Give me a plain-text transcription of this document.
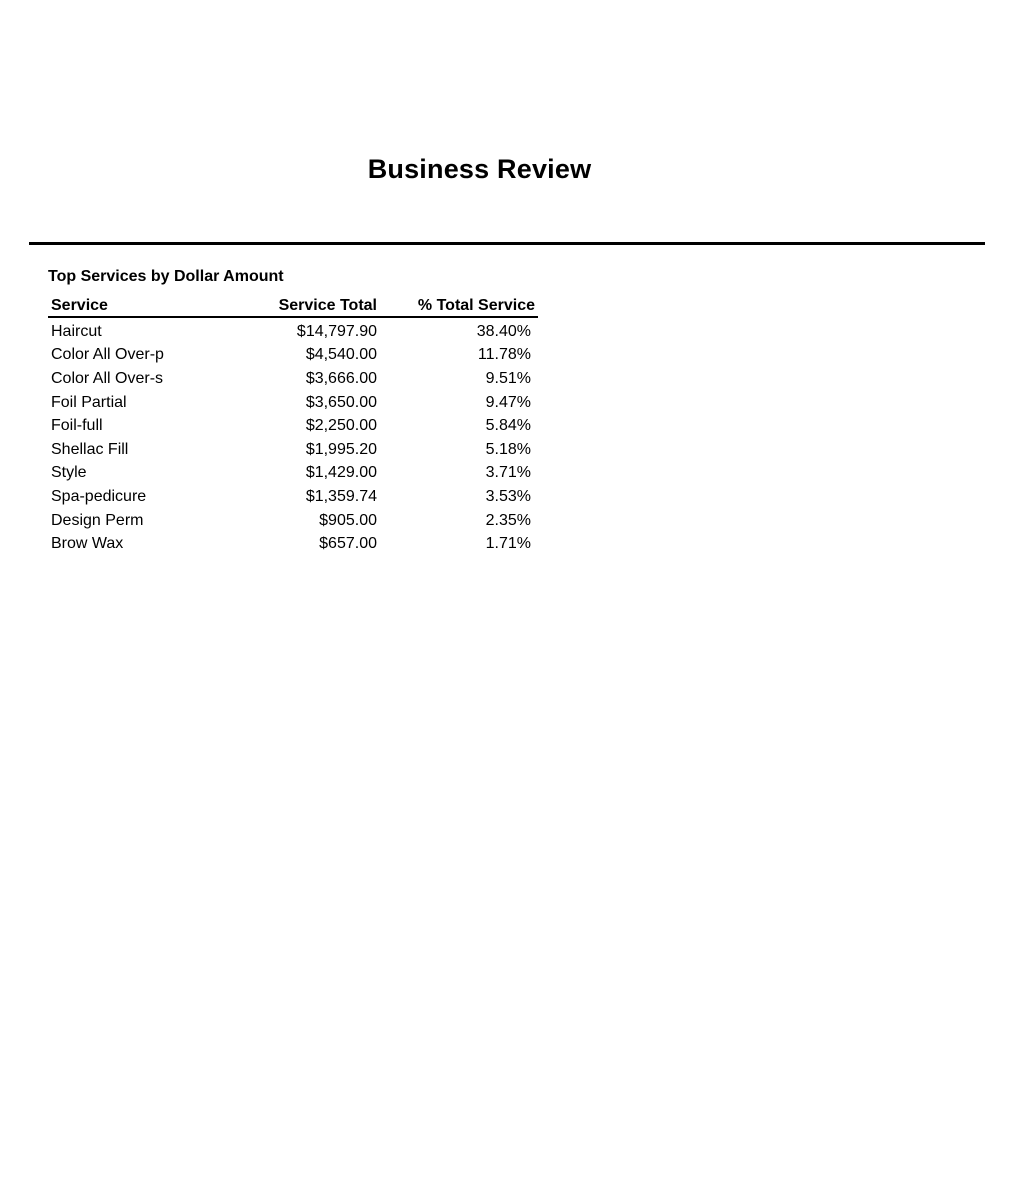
Business Review
Top Services by Dollar Amount
Service	Service Total	% Total Service
Haircut	$14,797.90	38.40%
Color All Over-p	$4,540.00	11.78%
Color All Over-s	$3,666.00	9.51%
Foil Partial	$3,650.00	9.47%
Foil-full	$2,250.00	5.84%
Shellac Fill	$1,995.20	5.18%
Style	$1,429.00	3.71%
Spa-pedicure	$1,359.74	3.53%
Design Perm	$905.00	2.35%
Brow Wax	$657.00	1.71%
